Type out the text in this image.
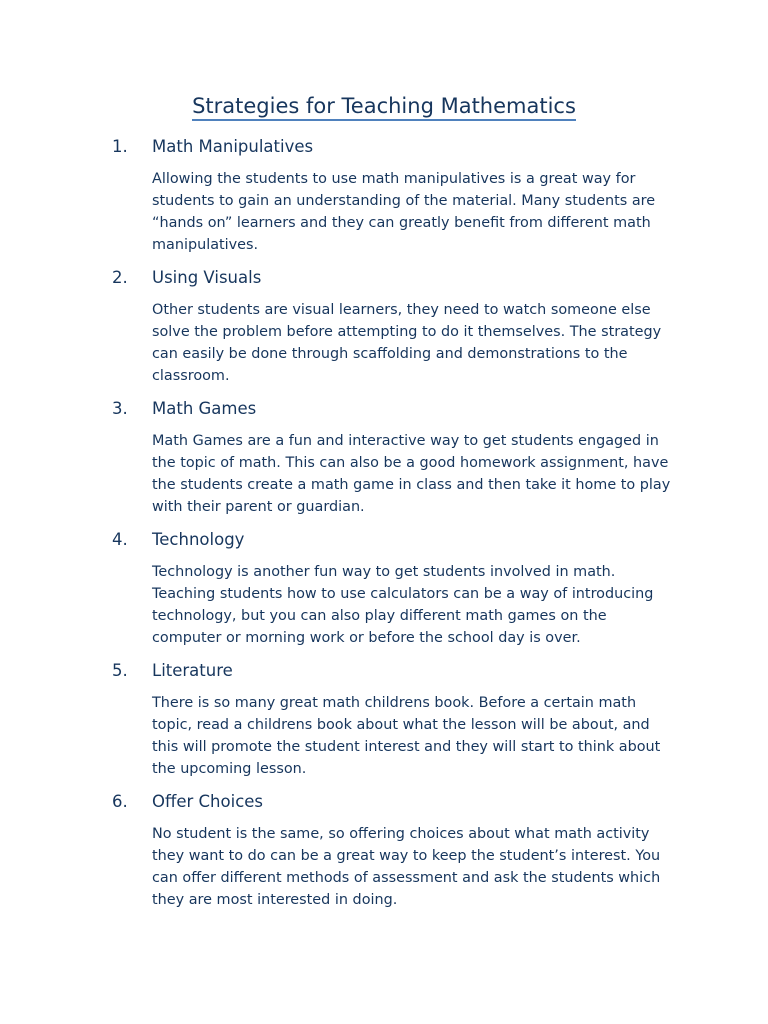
Strategies for Teaching Mathematics
1. Math Manipulatives
Allowing the students to use math manipulatives is a great way for
students to gain an understanding of the material. Many students are
“hands on” learners and they can greatly benefit from different math
manipulatives.
2. Using Visuals
Other students are visual learners, they need to watch someone else
solve the problem before attempting to do it themselves. The strategy
can easily be done through scaffolding and demonstrations to the
classroom.
3. Math Games
Math Games are a fun and interactive way to get students engaged in
the topic of math. This can also be a good homework assignment, have
the students create a math game in class and then take it home to play
with their parent or guardian.
4. Technology
Technology is another fun way to get students involved in math.
Teaching students how to use calculators can be a way of introducing
technology, but you can also play different math games on the
computer or morning work or before the school day is over.
5. Literature
There is so many great math childrens book. Before a certain math
topic, read a childrens book about what the lesson will be about, and
this will promote the student interest and they will start to think about
the upcoming lesson.
6. Offer Choices
No student is the same, so offering choices about what math activity
they want to do can be a great way to keep the student’s interest. You
can offer different methods of assessment and ask the students which
they are most interested in doing.
